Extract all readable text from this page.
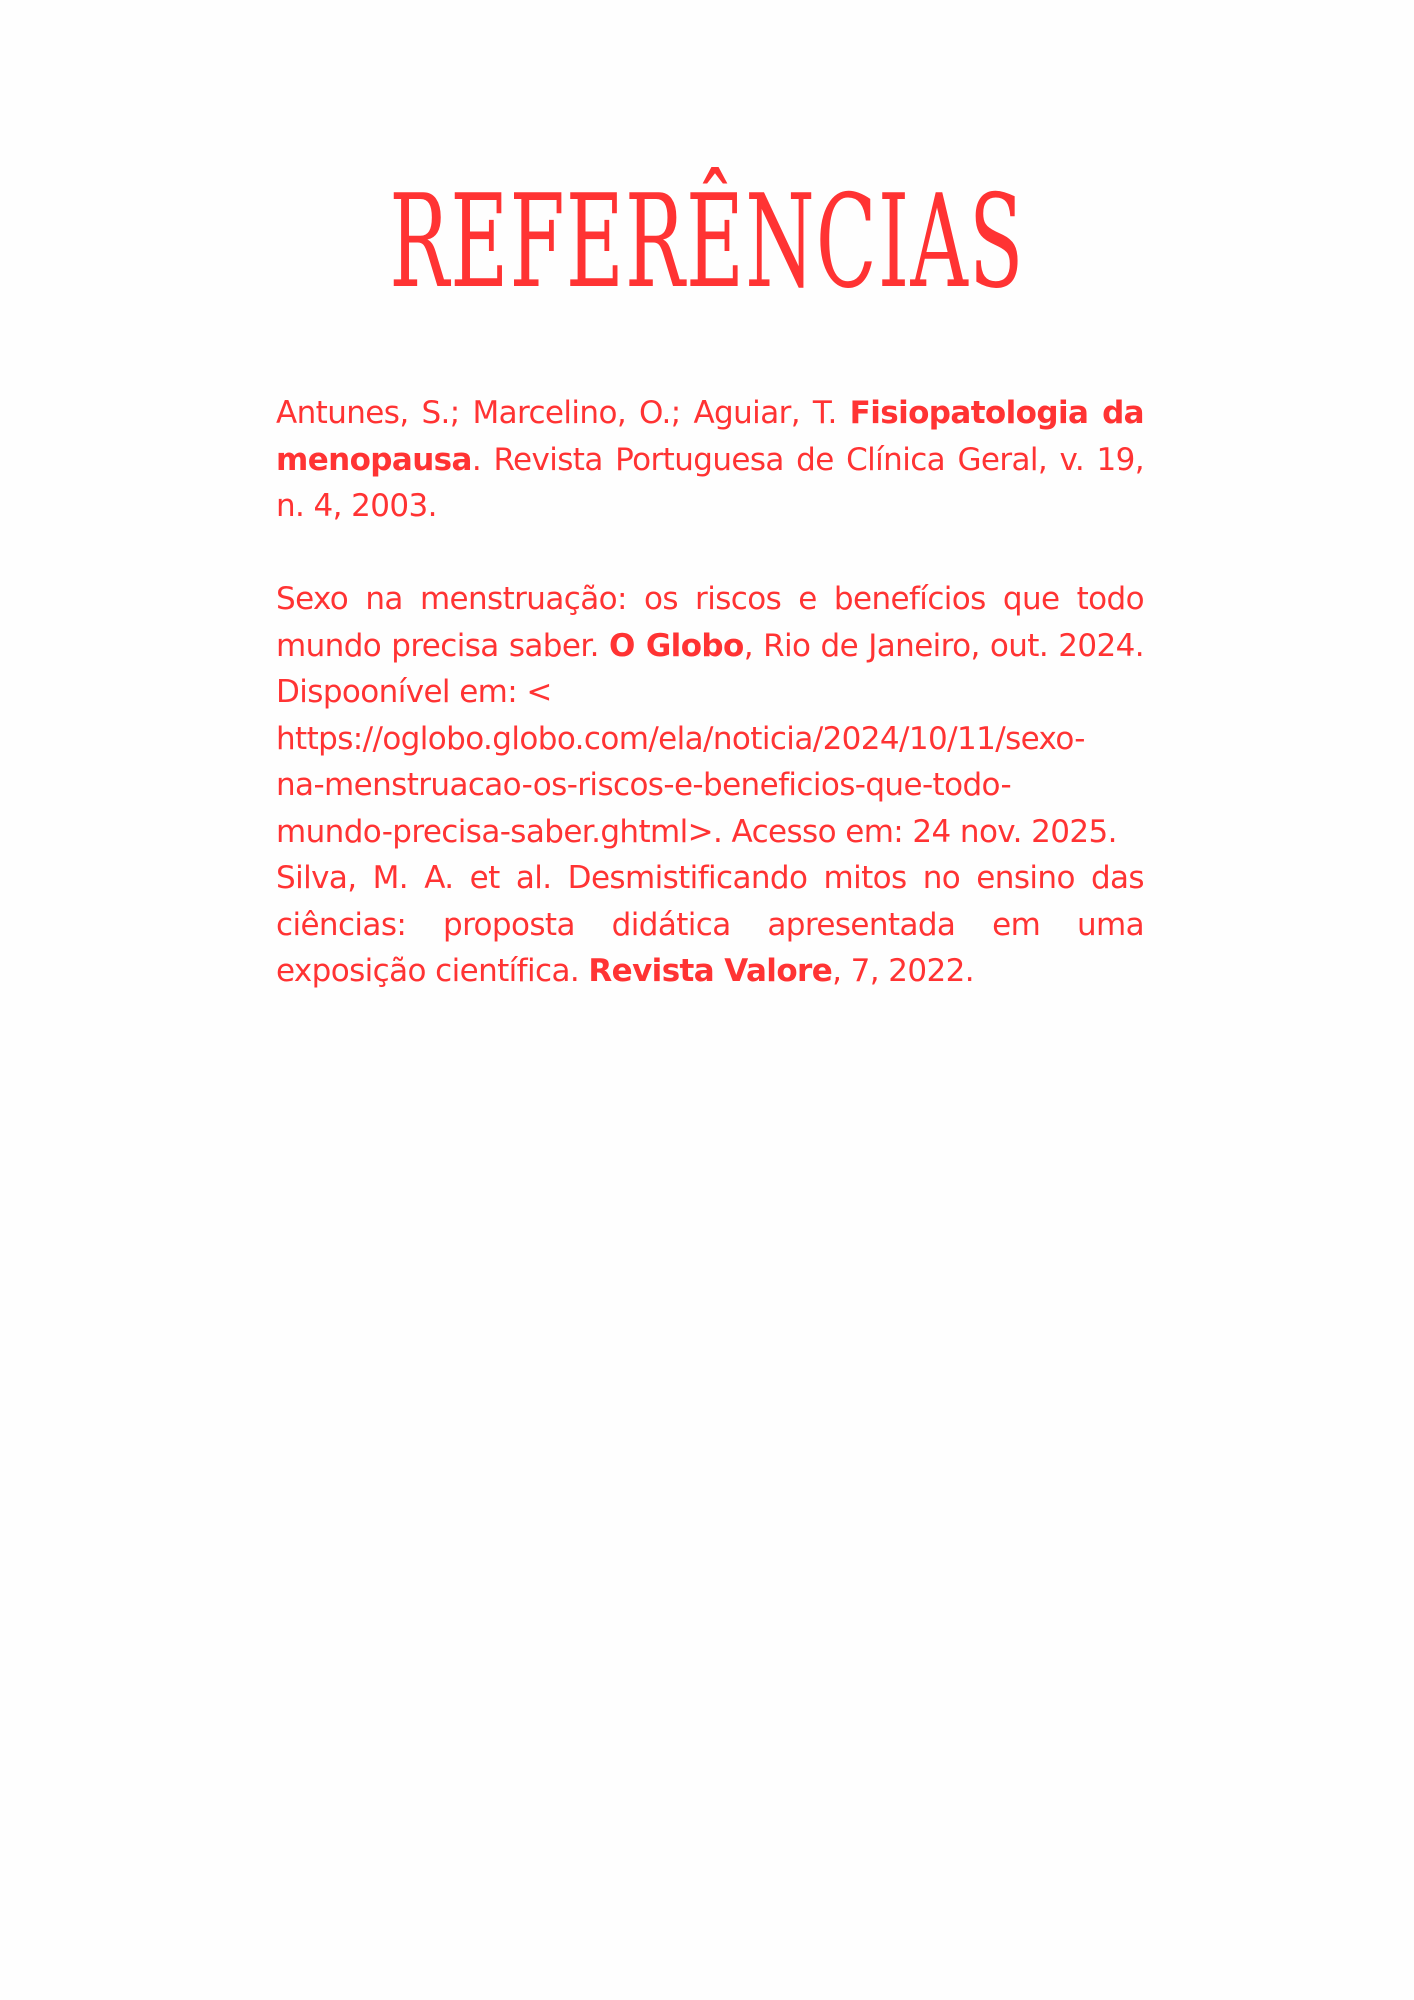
REFERÊNCIAS

Antunes, S.; Marcelino, O.; Aguiar, T. Fisiopatologia da menopausa. Revista Portuguesa de Clínica Geral, v. 19, n. 4, 2003.

Sexo na menstruação: os riscos e benefícios que todo mundo precisa saber. O Globo, Rio de Janeiro, out. 2024. Dispoonível em: <
https://oglobo.globo.com/ela/noticia/2024/10/11/sexo-
na-menstruacao-os-riscos-e-beneficios-que-todo-
mundo-precisa-saber.ghtml>. Acesso em: 24 nov. 2025.

Silva, M. A. et al. Desmistificando mitos no ensino das ciências: proposta didática apresentada em uma exposição científica. Revista Valore, 7, 2022.
